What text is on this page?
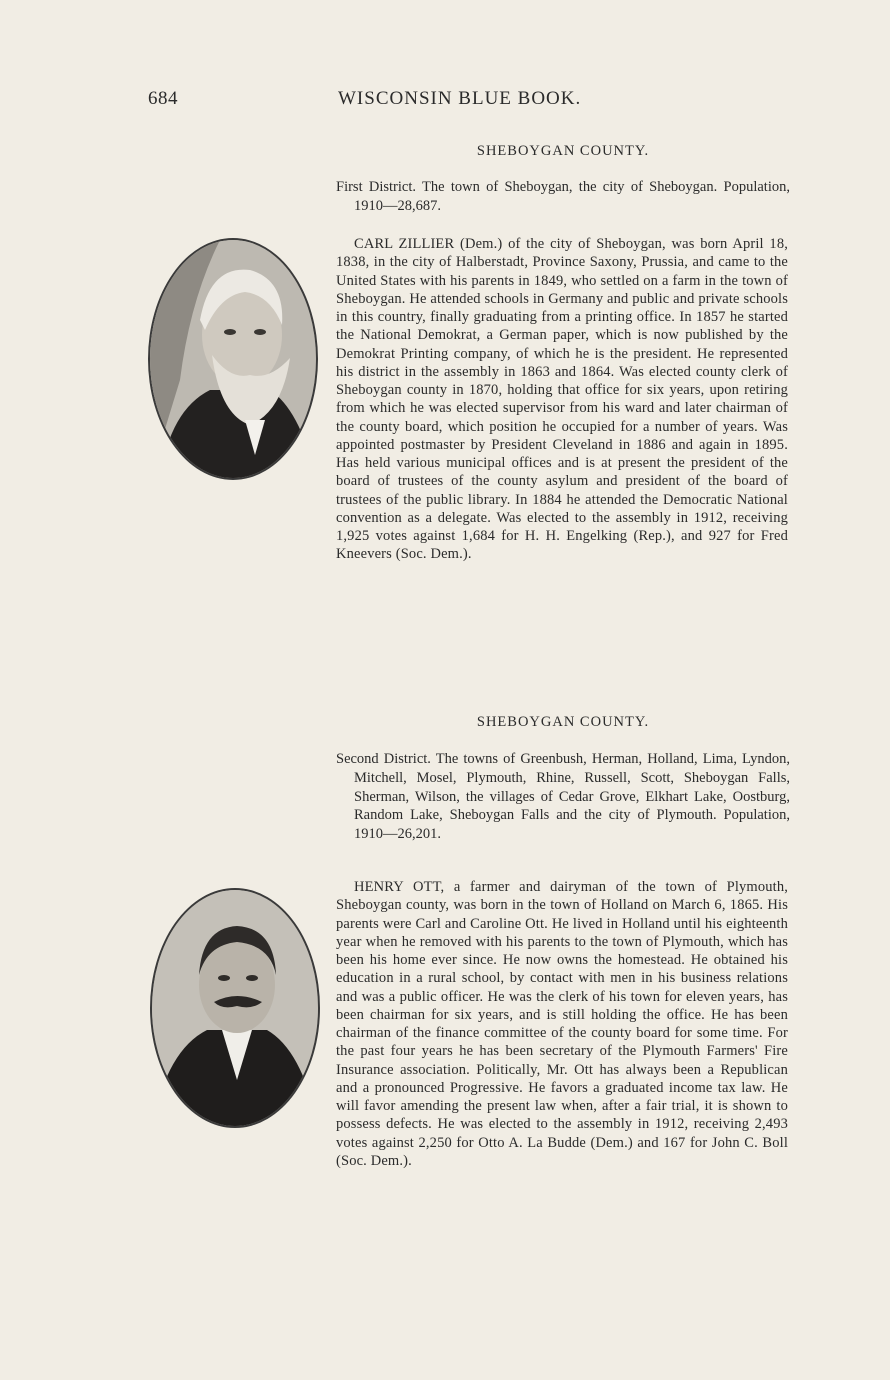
684	WISCONSIN BLUE BOOK.
SHEBOYGAN COUNTY.
First District. The town of Sheboygan, the city of Sheboygan. Population, 1910—28,687.

CARL ZILLIER (Dem.) of the city of Sheboygan, was born April 18, 1838, in the city of Halberstadt, Province Saxony, Prussia, and came to the United States with his parents in 1849, who settled on a farm in the town of Sheboygan. He attended schools in Germany and public and private schools in this country, finally graduating from a printing office. In 1857 he started the National Demokrat, a German paper, which is now published by the Demokrat Printing company, of which he is the president. He represented his district in the assembly in 1863 and 1864. Was elected county clerk of Sheboygan county in 1870, holding that office for six years, upon retiring from which he was elected supervisor from his ward and later chairman of the county board, which position he occupied for a number of years. Was appointed postmaster by President Cleveland in 1886 and again in 1895. Has held various municipal offices and is at present the president of the board of trustees of the county asylum and president of the board of trustees of the public library. In 1884 he attended the Democratic National convention as a delegate. Was elected to the assembly in 1912, receiving 1,925 votes against 1,684 for H. H. Engelking (Rep.), and 927 for Fred Kneevers (Soc. Dem.).

SHEBOYGAN COUNTY.
Second District. The towns of Greenbush, Herman, Holland, Lima, Lyndon, Mitchell, Mosel, Plymouth, Rhine, Russell, Scott, Sheboygan Falls, Sherman, Wilson, the villages of Cedar Grove, Elkhart Lake, Oostburg, Random Lake, Sheboygan Falls and the city of Plymouth. Population, 1910—26,201.

HENRY OTT, a farmer and dairyman of the town of Plymouth, Sheboygan county, was born in the town of Holland on March 6, 1865. His parents were Carl and Caroline Ott. He lived in Holland until his eighteenth year when he removed with his parents to the town of Plymouth, which has been his home ever since. He now owns the homestead. He obtained his education in a rural school, by contact with men in his business relations and was a public officer. He was the clerk of his town for eleven years, has been chairman for six years, and is still holding the office. He has been chairman of the finance committee of the county board for some time. For the past four years he has been secretary of the Plymouth Farmers' Fire Insurance association. Politically, Mr. Ott has always been a Republican and a pronounced Progressive. He favors a graduated income tax law. He will favor amending the present law when, after a fair trial, it is shown to possess defects. He was elected to the assembly in 1912, receiving 2,493 votes against 2,250 for Otto A. La Budde (Dem.) and 167 for John C. Boll (Soc. Dem.).
